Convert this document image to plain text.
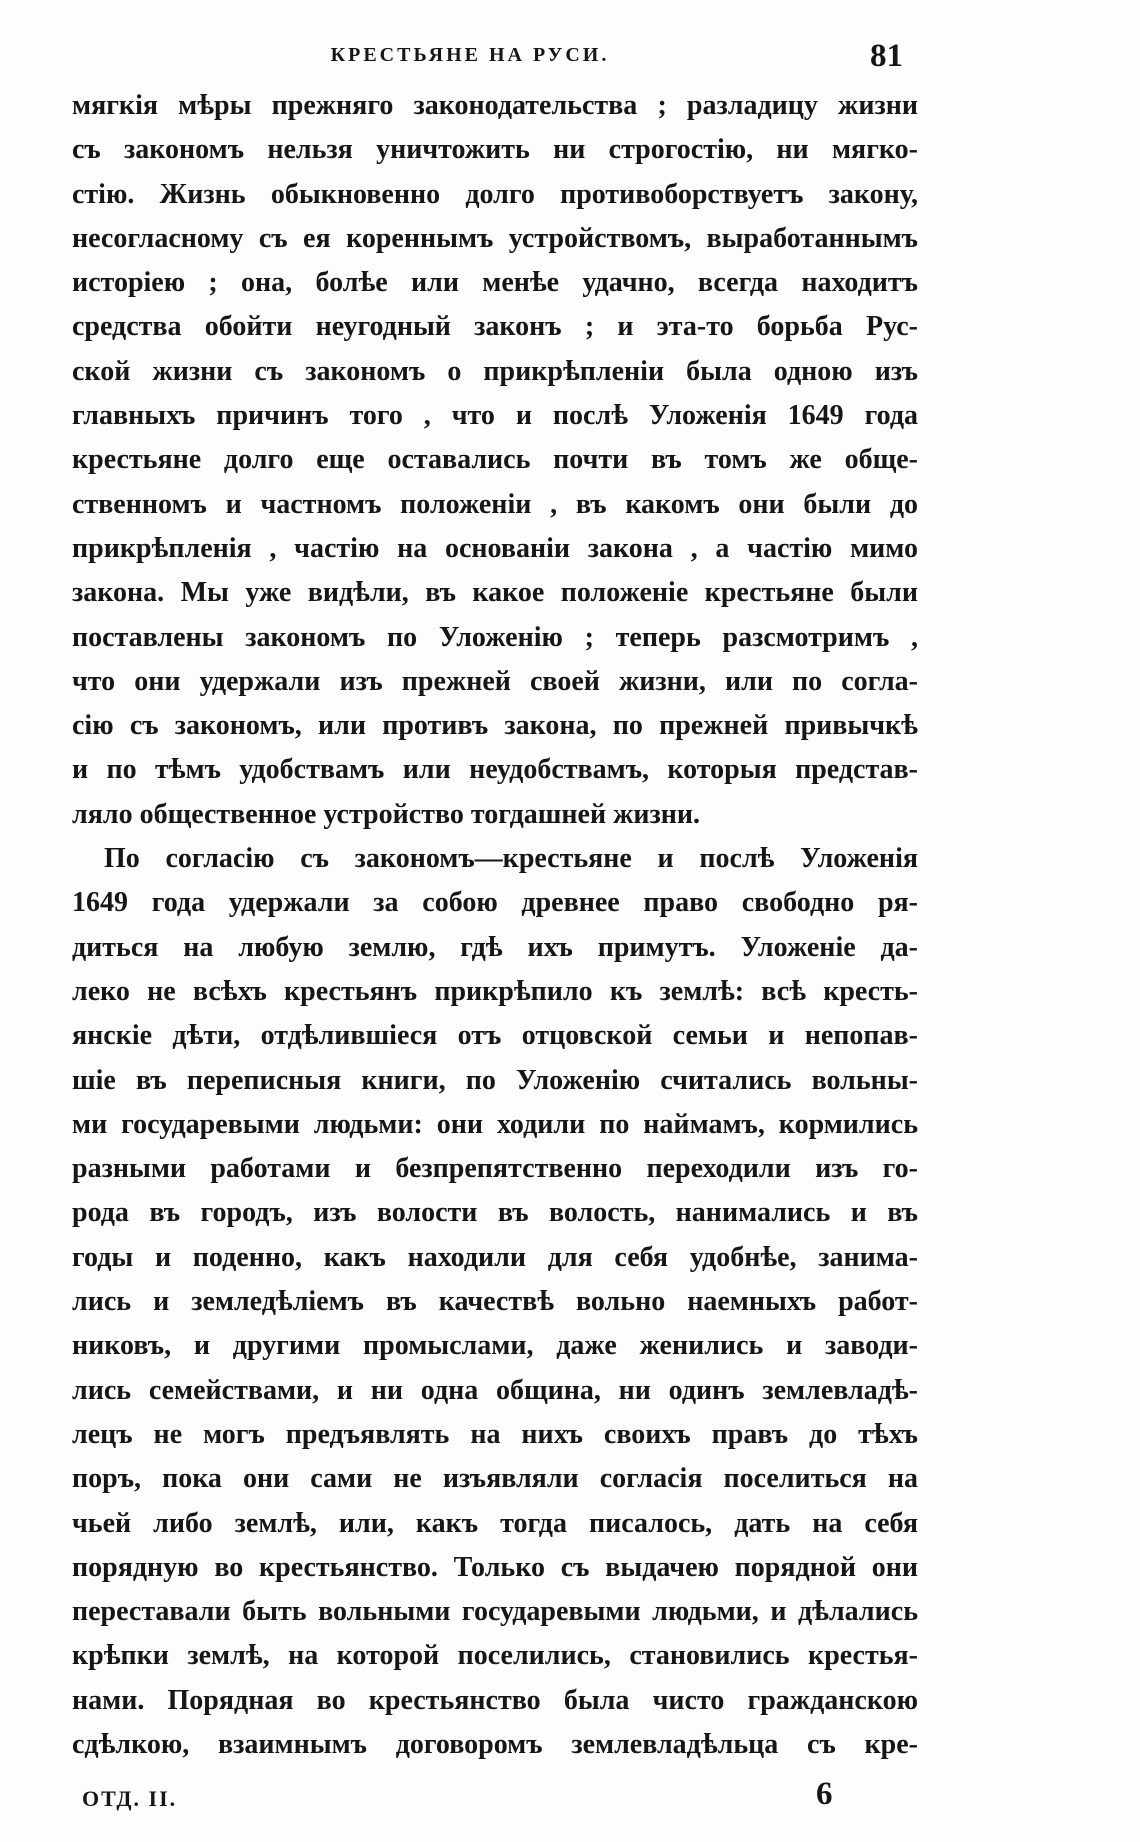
КРЕСТЬЯНЕ НА РУСИ.	81
мягкія мѣры прежняго законодательства ; разладицу жизни
съ закономъ нельзя уничтожить ни строгостію, ни мягко-
стію. Жизнь обыкновенно долго противоборствуетъ закону,
несогласному съ ея кореннымъ устройствомъ, выработаннымъ
исторіею ; она, болѣе или менѣе удачно, всегда находитъ
средства обойти неугодный законъ ; и эта-то борьба Рус-
ской жизни съ закономъ о прикрѣпленіи была одною изъ
главныхъ причинъ того , что и послѣ Уложенія 1649 года
крестьяне долго еще оставались почти въ томъ же обще-
ственномъ и частномъ положеніи , въ какомъ они были до
прикрѣпленія , частію на основаніи закона , а частію мимо
закона. Мы уже видѣли, въ какое положеніе крестьяне были
поставлены закономъ по Уложенію ; теперь разсмотримъ ,
что они удержали изъ прежней своей жизни, или по согла-
сію съ закономъ, или противъ закона, по прежней привычкѣ
и по тѣмъ удобствамъ или неудобствамъ, которыя представ-
ляло общественное устройство тогдашней жизни.
По согласію съ закономъ—крестьяне и послѣ Уложенія
1649 года удержали за собою древнее право свободно ря-
диться на любую землю, гдѣ ихъ примутъ. Уложеніе да-
леко не всѣхъ крестьянъ прикрѣпило къ землѣ: всѣ кресть-
янскіе дѣти, отдѣлившіеся отъ отцовской семьи и непопав-
шіе въ переписныя книги, по Уложенію считались вольны-
ми государевыми людьми: они ходили по наймамъ, кормились
разными работами и безпрепятственно переходили изъ го-
рода въ городъ, изъ волости въ волость, нанимались и въ
годы и поденно, какъ находили для себя удобнѣе, занима-
лись и земледѣліемъ въ качествѣ вольно наемныхъ работ-
никовъ, и другими промыслами, даже женились и заводи-
лись семействами, и ни одна община, ни одинъ землевладѣ-
лецъ не могъ предъявлять на нихъ своихъ правъ до тѣхъ
поръ, пока они сами не изъявляли согласія поселиться на
чьей либо землѣ, или, какъ тогда писалось, дать на себя
порядную во крестьянство. Только съ выдачею порядной они
переставали быть вольными государевыми людьми, и дѣлались
крѣпки землѣ, на которой поселились, становились крестья-
нами. Порядная во крестьянство была чисто гражданскою
сдѣлкою, взаимнымъ договоромъ землевладѣльца съ кре-
ОТД. II.	6
